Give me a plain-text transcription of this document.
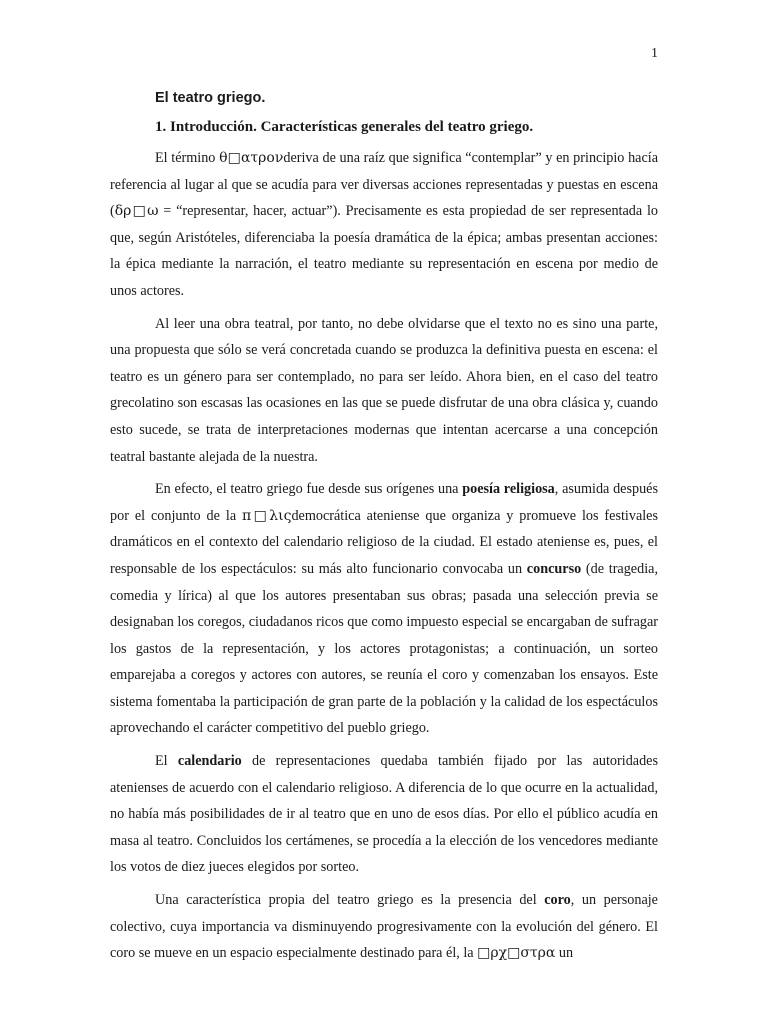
1
El teatro griego.
1. Introducción. Características generales del teatro griego.

El término θ□ατρονderiva de una raíz que significa “contemplar” y en principio hacía referencia al lugar al que se acudía para ver diversas acciones representadas y puestas en escena (δρ□ω = “representar, hacer, actuar”). Precisamente es esta propiedad de ser representada lo que, según Aristóteles, diferenciaba la poesía dramática de la épica; ambas presentan acciones: la épica mediante la narración, el teatro mediante su representación en escena por medio de unos actores.

Al leer una obra teatral, por tanto, no debe olvidarse que el texto no es sino una parte, una propuesta que sólo se verá concretada cuando se produzca la definitiva puesta en escena: el teatro es un género para ser contemplado, no para ser leído. Ahora bien, en el caso del teatro grecolatino son escasas las ocasiones en las que se puede disfrutar de una obra clásica y, cuando esto sucede, se trata de interpretaciones modernas que intentan acercarse a una concepción teatral bastante alejada de la nuestra.

En efecto, el teatro griego fue desde sus orígenes una poesía religiosa, asumida después por el conjunto de la π□λιςdemocrática ateniense que organiza y promueve los festivales dramáticos en el contexto del calendario religioso de la ciudad. El estado ateniense es, pues, el responsable de los espectáculos: su más alto funcionario convocaba un concurso (de tragedia, comedia y lírica) al que los autores presentaban sus obras; pasada una selección previa se designaban los coregos, ciudadanos ricos que como impuesto especial se encargaban de sufragar los gastos de la representación, y los actores protagonistas; a continuación, un sorteo emparejaba a coregos y actores con autores, se reunía el coro y comenzaban los ensayos. Este sistema fomentaba la participación de gran parte de la población y la calidad de los espectáculos aprovechando el carácter competitivo del pueblo griego.

El calendario de representaciones quedaba también fijado por las autoridades atenienses de acuerdo con el calendario religioso. A diferencia de lo que ocurre en la actualidad, no había más posibilidades de ir al teatro que en uno de esos días. Por ello el público acudía en masa al teatro. Concluidos los certámenes, se procedía a la elección de los vencedores mediante los votos de diez jueces elegidos por sorteo.

Una característica propia del teatro griego es la presencia del coro, un personaje colectivo, cuya importancia va disminuyendo progresivamente con la evolución del género. El coro se mueve en un espacio especialmente destinado para él, la □ρχ□στρα un
